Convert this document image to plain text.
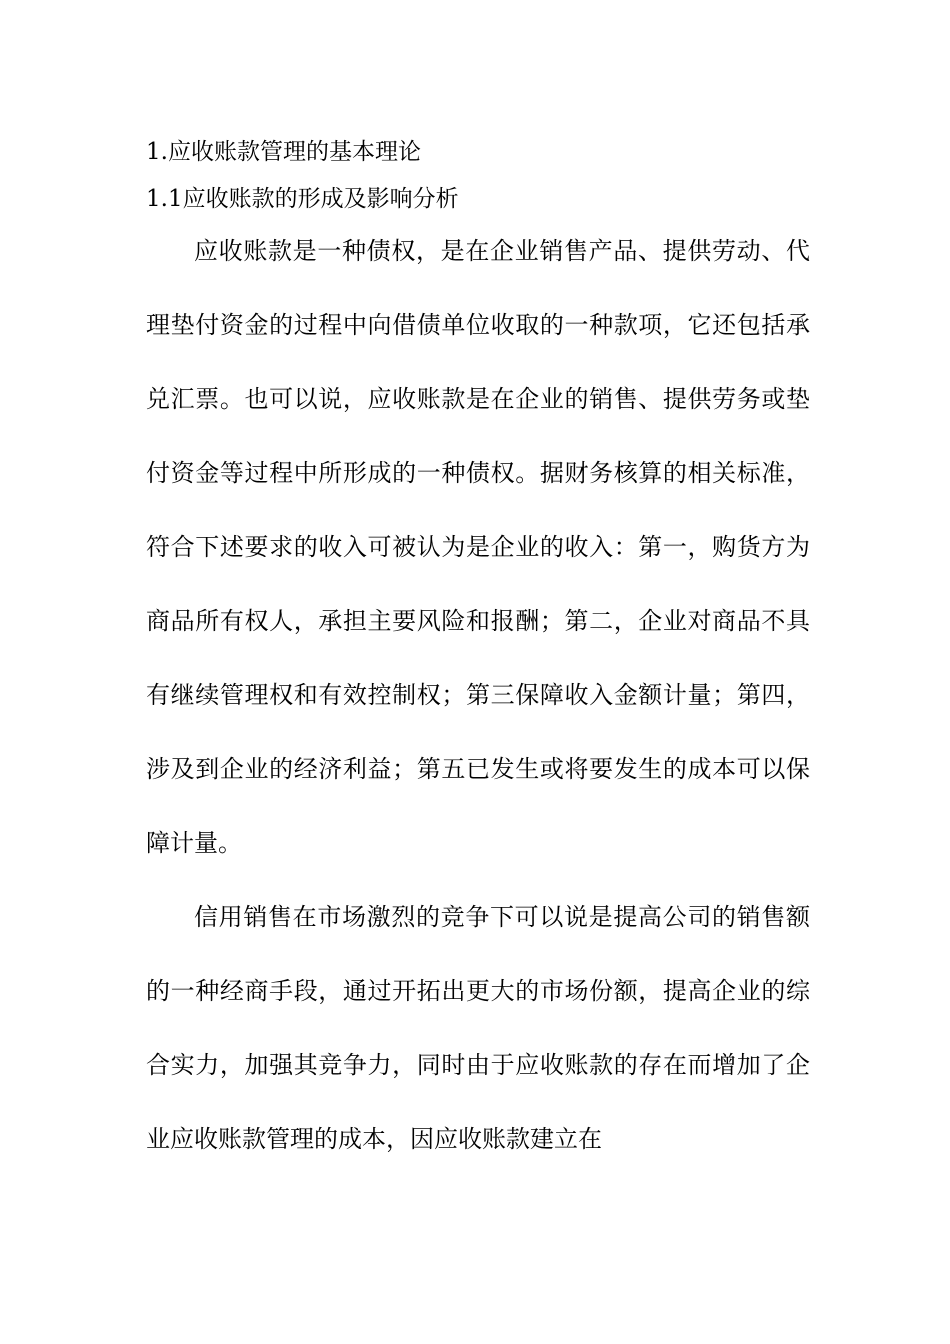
1.应收账款管理的基本理论
1.1应收账款的形成及影响分析

应收账款是一种债权，是在企业销售产品、提供劳动、代理垫付资金的过程中向借债单位收取的一种款项，它还包括承兑汇票。也可以说，应收账款是在企业的销售、提供劳务或垫付资金等过程中所形成的一种债权。据财务核算的相关标准，符合下述要求的收入可被认为是企业的收入：第一，购货方为商品所有权人，承担主要风险和报酬；第二，企业对商品不具有继续管理权和有效控制权；第三保障收入金额计量；第四，涉及到企业的经济利益；第五已发生或将要发生的成本可以保障计量。

信用销售在市场激烈的竞争下可以说是提高公司的销售额的一种经商手段，通过开拓出更大的市场份额，提高企业的综合实力，加强其竞争力，同时由于应收账款的存在而增加了企业应收账款管理的成本，因应收账款建立在
